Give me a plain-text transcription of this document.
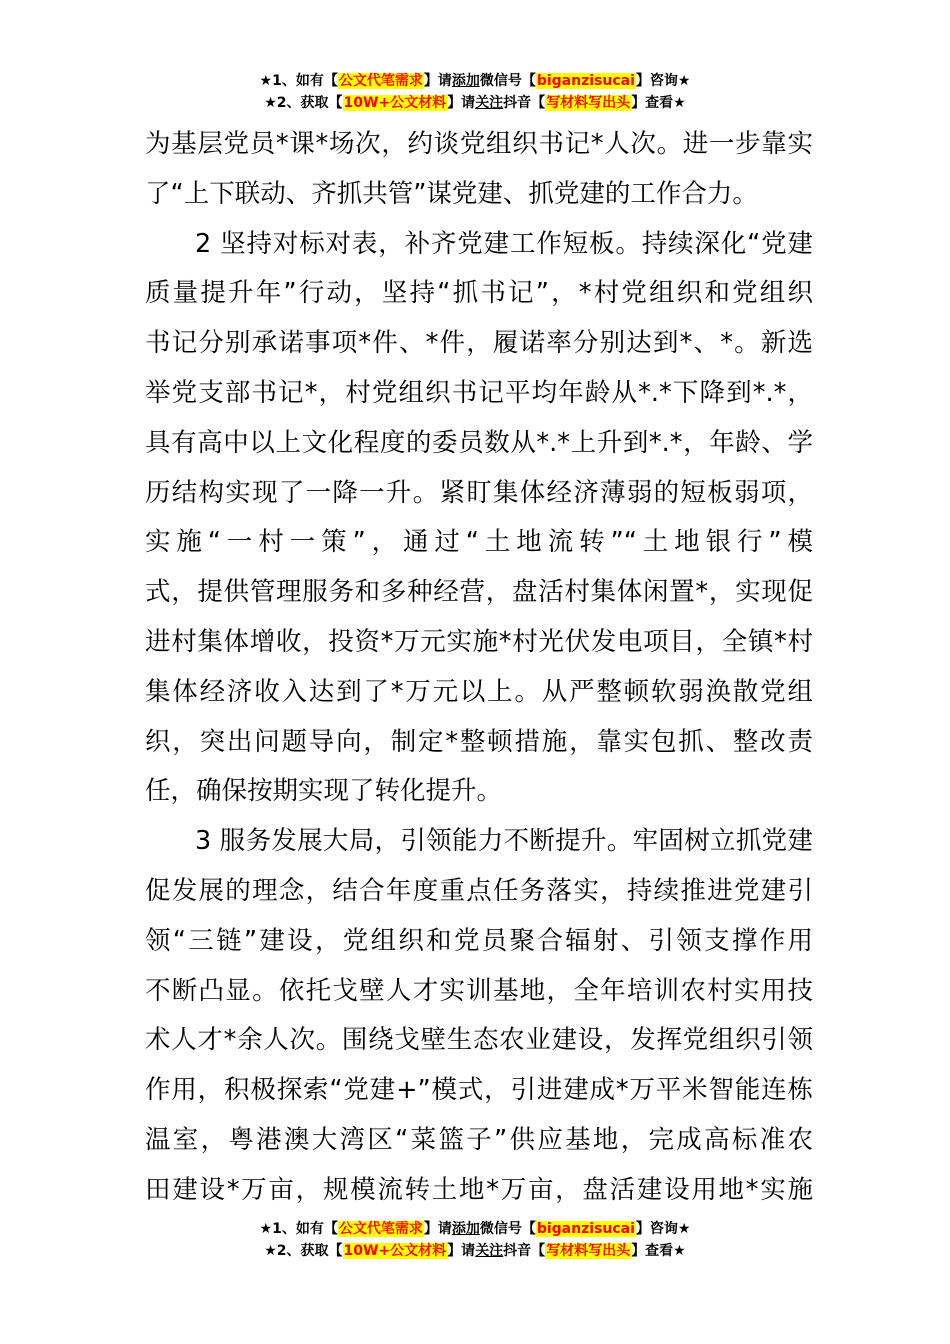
★1、如有【公文代笔需求】请添加微信号【biganzisucai】咨询★
★2、获取【10W+公文材料】请关注抖音【写材料写出头】查看★
为基层党员*课*场次，约谈党组织书记*人次。进一步靠实
了“上下联动、齐抓共管”谋党建、抓党建的工作合力。
2 坚持对标对表，补齐党建工作短板。持续深化“党建
质量提升年”行动，坚持“抓书记”，*村党组织和党组织
书记分别承诺事项*件、*件，履诺率分别达到*、*。新选
举党支部书记*，村党组织书记平均年龄从*.*下降到*.*，
具有高中以上文化程度的委员数从*.*上升到*.*，年龄、学
历结构实现了一降一升。紧盯集体经济薄弱的短板弱项，
实施“一村一策”，通过“土地流转”“土地银行”模
式，提供管理服务和多种经营，盘活村集体闲置*，实现促
进村集体增收，投资*万元实施*村光伏发电项目，全镇*村
集体经济收入达到了*万元以上。从严整顿软弱涣散党组
织，突出问题导向，制定*整顿措施，靠实包抓、整改责
任，确保按期实现了转化提升。
3 服务发展大局，引领能力不断提升。牢固树立抓党建
促发展的理念，结合年度重点任务落实，持续推进党建引
领“三链”建设，党组织和党员聚合辐射、引领支撑作用
不断凸显。依托戈壁人才实训基地，全年培训农村实用技
术人才*余人次。围绕戈壁生态农业建设，发挥党组织引领
作用，积极探索“党建+”模式，引进建成*万平米智能连栋
温室，粤港澳大湾区“菜篮子”供应基地，完成高标准农
田建设*万亩，规模流转土地*万亩，盘活建设用地*实施
★1、如有【公文代笔需求】请添加微信号【biganzisucai】咨询★
★2、获取【10W+公文材料】请关注抖音【写材料写出头】查看★
